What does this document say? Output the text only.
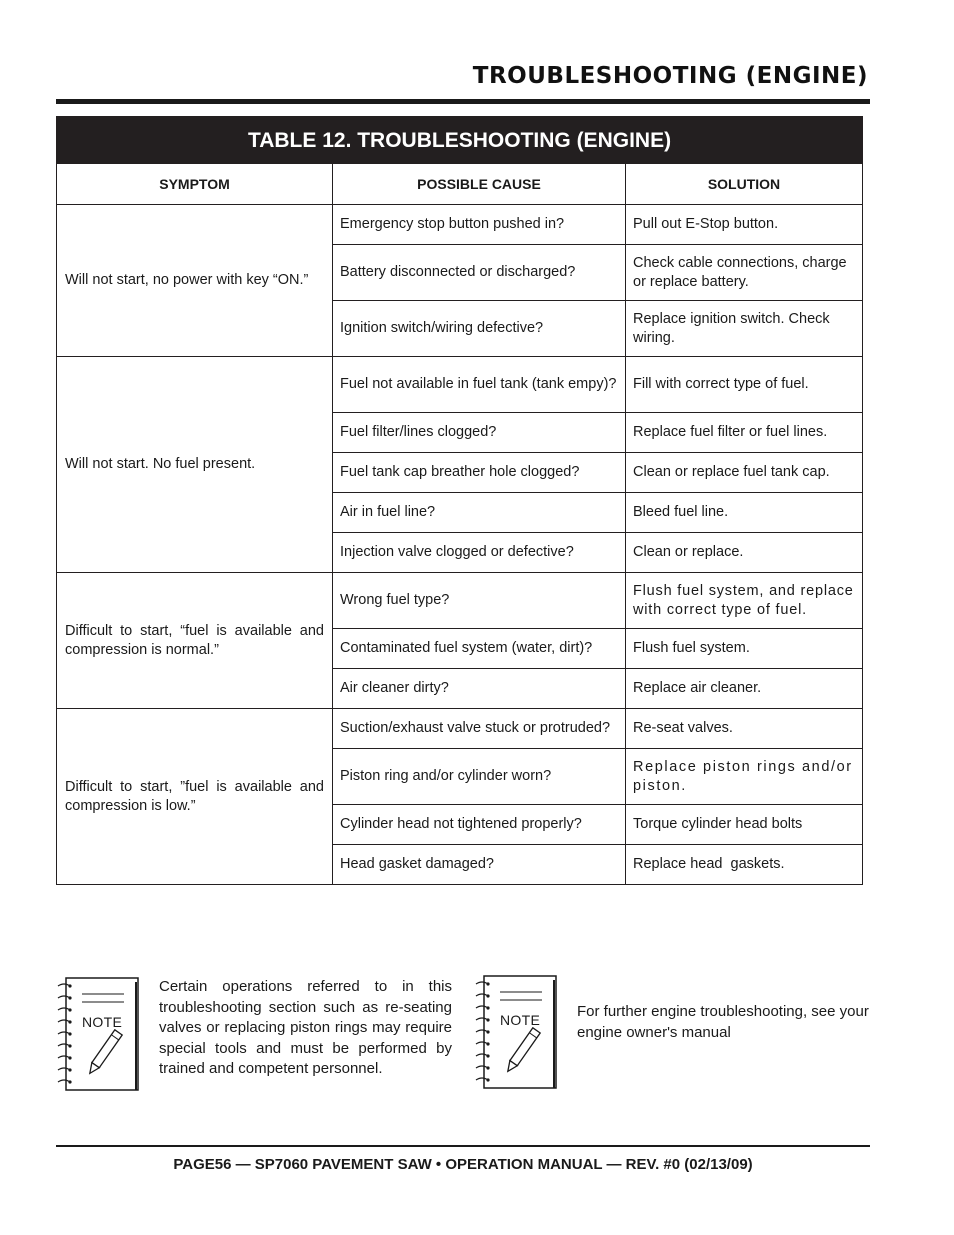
TROUBLESHOOTING (ENGINE)
TABLE 12. TROUBLESHOOTING (ENGINE)		
SYMPTOM	POSSIBLE CAUSE	SOLUTION
Will not start, no power with key “ON.”	Emergency stop button pushed in?	Pull out E-Stop button.
	Battery disconnected or discharged?	Check cable connections, charge or replace battery.
	Ignition switch/wiring defective?	Replace ignition switch. Check wiring.
Will not start. No fuel present.	Fuel not available in fuel tank (tank empy)?	Fill with correct type of fuel.
	Fuel filter/lines clogged?	Replace fuel filter or fuel lines.
	Fuel tank cap breather hole clogged?	Clean or replace fuel tank cap.
	Air in fuel line?	Bleed fuel line.
	Injection valve clogged or defective?	Clean or replace.
Difficult to start, “fuel is available and compression is normal.”	Wrong fuel type?	Flush fuel system, and replace with correct type of fuel.
	Contaminated fuel system (water, dirt)?	Flush fuel system.
	Air cleaner dirty?	Replace air cleaner.
Difficult to start, ”fuel is available and compression is low.”	Suction/exhaust valve stuck or protruded?	Re-seat valves.
	Piston ring and/or cylinder worn?	Replace piston rings and/or piston.
	Cylinder head not tightened properly?	Torque cylinder head bolts
	Head gasket damaged?	Replace head  gaskets.
NOTE
Certain operations referred to in this troubleshooting section such as re-seating valves or replacing piston rings may require special tools and must be performed by trained and competent personnel.
NOTE For further engine troubleshooting, see your engine owner's manual
PAGE56 — SP7060 PAVEMENT SAW • OPERATION MANUAL — REV. #0 (02/13/09)
